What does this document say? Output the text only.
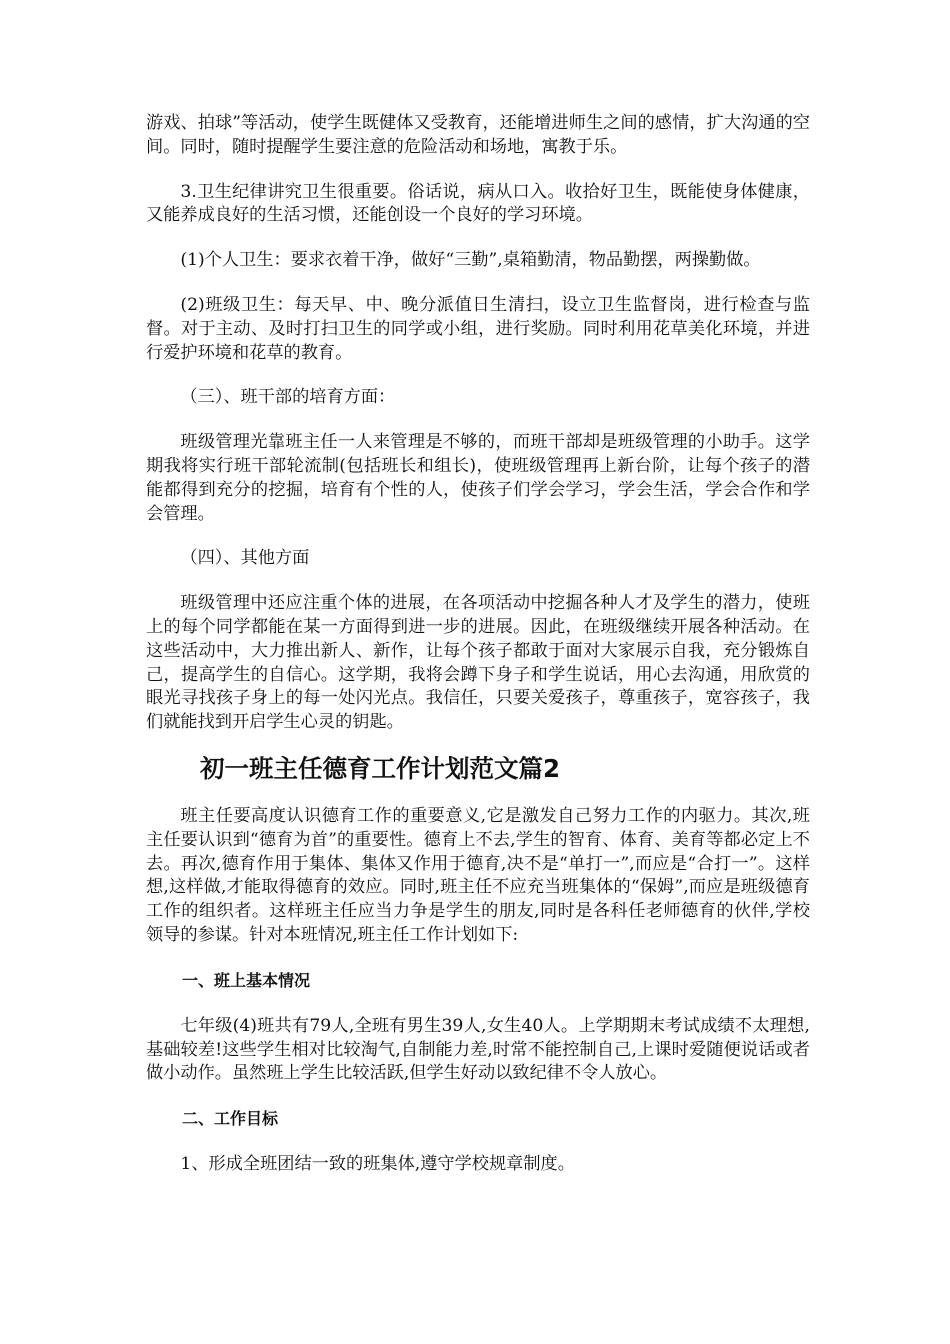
游戏、拍球”等活动，使学生既健体又受教育，还能增进师生之间的感情，扩大沟通的空间。同时，随时提醒学生要注意的危险活动和场地，寓教于乐。

3.卫生纪律讲究卫生很重要。俗话说，病从口入。收拾好卫生，既能使身体健康，又能养成良好的生活习惯，还能创设一个良好的学习环境。

(1)个人卫生：要求衣着干净，做好“三勤”,桌箱勤清，物品勤摆，两操勤做。

(2)班级卫生：每天早、中、晚分派值日生清扫，设立卫生监督岗，进行检查与监督。对于主动、及时打扫卫生的同学或小组，进行奖励。同时利用花草美化环境，并进行爱护环境和花草的教育。

（三）、班干部的培育方面：

班级管理光靠班主任一人来管理是不够的，而班干部却是班级管理的小助手。这学期我将实行班干部轮流制(包括班长和组长)，使班级管理再上新台阶，让每个孩子的潜能都得到充分的挖掘，培育有个性的人，使孩子们学会学习，学会生活，学会合作和学会管理。

（四）、其他方面

班级管理中还应注重个体的进展，在各项活动中挖掘各种人才及学生的潜力，使班上的每个同学都能在某一方面得到进一步的进展。因此，在班级继续开展各种活动。在这些活动中，大力推出新人、新作，让每个孩子都敢于面对大家展示自我，充分锻炼自己，提高学生的自信心。这学期，我将会蹲下身子和学生说话，用心去沟通，用欣赏的眼光寻找孩子身上的每一处闪光点。我信任，只要关爱孩子，尊重孩子，宽容孩子，我们就能找到开启学生心灵的钥匙。

初一班主任德育工作计划范文篇2

班主任要高度认识德育工作的重要意义,它是激发自己努力工作的内驱力。其次,班主任要认识到“德育为首”的重要性。德育上不去,学生的智育、体育、美育等都必定上不去。再次,德育作用于集体、集体又作用于德育,决不是“单打一”,而应是“合打一”。这样想,这样做,才能取得德育的效应。同时,班主任不应充当班集体的“保姆”,而应是班级德育工作的组织者。这样班主任应当力争是学生的朋友,同时是各科任老师德育的伙伴,学校领导的参谋。针对本班情况,班主任工作计划如下:

一、班上基本情况

七年级(4)班共有79人,全班有男生39人,女生40人。上学期期末考试成绩不太理想,基础较差!这些学生相对比较淘气,自制能力差,时常不能控制自己,上课时爱随便说话或者做小动作。虽然班上学生比较活跃,但学生好动以致纪律不令人放心。

二、工作目标

1、形成全班团结一致的班集体,遵守学校规章制度。
